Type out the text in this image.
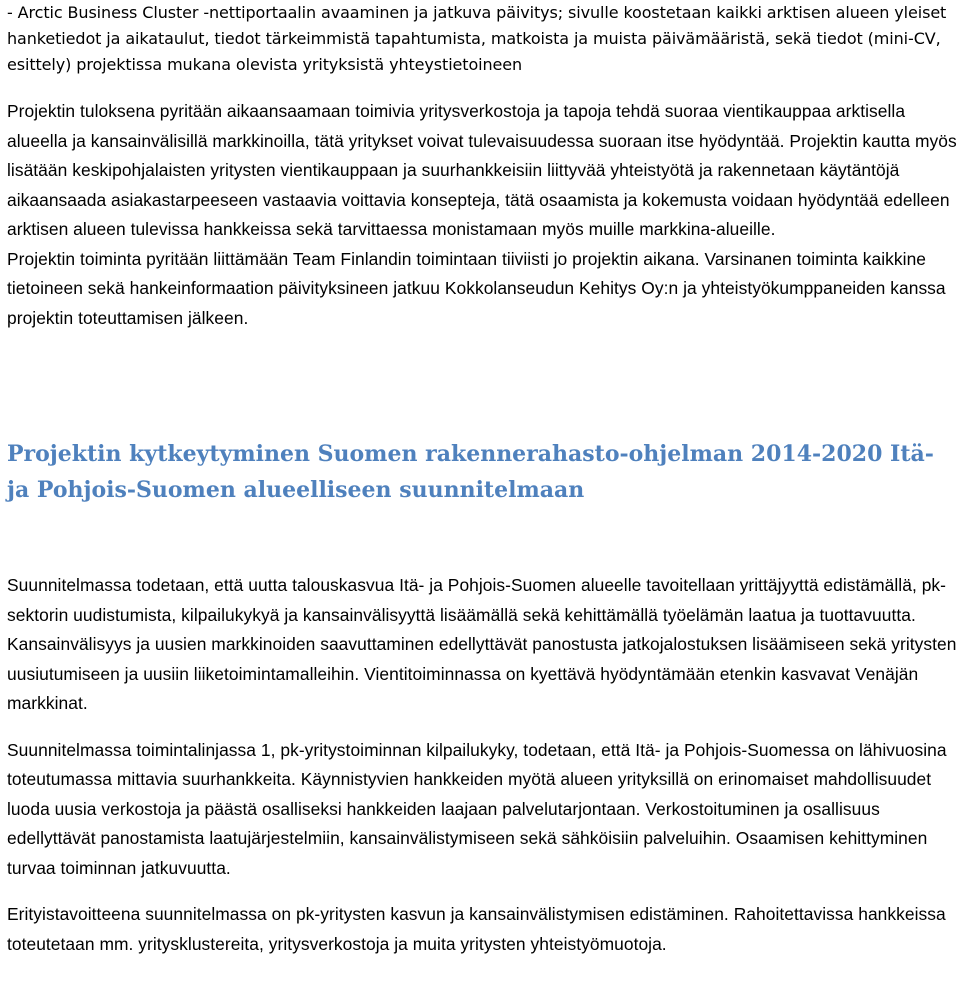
- Arctic Business Cluster -nettiportaalin avaaminen ja jatkuva päivitys; sivulle koostetaan kaikki arktisen alueen yleiset hanketiedot ja aikataulut, tiedot tärkeimmistä tapahtumista, matkoista ja muista päivämääristä, sekä tiedot (mini-CV, esittely) projektissa mukana olevista yrityksistä yhteystietoineen

Projektin tuloksena pyritään aikaansaamaan toimivia yritysverkostoja ja tapoja tehdä suoraa vientikauppaa arktisella alueella ja kansainvälisillä markkinoilla, tätä yritykset voivat tulevaisuudessa suoraan itse hyödyntää. Projektin kautta myös lisätään keskipohjalaisten yritysten vientikauppaan ja suurhankkeisiin liittyvää yhteistyötä ja rakennetaan käytäntöjä aikaansaada asiakastarpeeseen vastaavia voittavia konsepteja, tätä osaamista ja kokemusta voidaan hyödyntää edelleen arktisen alueen tulevissa hankkeissa sekä tarvittaessa monistamaan myös muille markkina-alueille.

Projektin toiminta pyritään liittämään Team Finlandin toimintaan tiiviisti jo projektin aikana. Varsinanen toiminta kaikkine tietoineen sekä hankeinformaation päivityksineen jatkuu Kokkolanseudun Kehitys Oy:n ja yhteistyökumppaneiden kanssa projektin toteuttamisen jälkeen.

Projektin kytkeytyminen Suomen rakennerahasto-ohjelman 2014-2020 Itä- ja Pohjois-Suomen alueelliseen suunnitelmaan

Suunnitelmassa todetaan, että uutta talouskasvua Itä- ja Pohjois-Suomen alueelle tavoitellaan yrittäjyyttä edistämällä, pk-sektorin uudistumista, kilpailukykyä ja kansainvälisyyttä lisäämällä sekä kehittämällä työelämän laatua ja tuottavuutta. Kansainvälisyys ja uusien markkinoiden saavuttaminen edellyttävät panostusta jatkojalostuksen lisäämiseen sekä yritysten uusiutumiseen ja uusiin liiketoimintamalleihin. Vientitoiminnassa on kyettävä hyödyntämään etenkin kasvavat Venäjän markkinat.

Suunnitelmassa toimintalinjassa 1, pk-yritystoiminnan kilpailukyky, todetaan, että Itä- ja Pohjois-Suomessa on lähivuosina toteutumassa mittavia suurhankkeita. Käynnistyvien hankkeiden myötä alueen yrityksillä on erinomaiset mahdollisuudet luoda uusia verkostoja ja päästä osalliseksi hankkeiden laajaan palvelutarjontaan. Verkostoituminen ja osallisuus edellyttävät panostamista laatujärjestelmiin, kansainvälistymiseen sekä sähköisiin palveluihin. Osaamisen kehittyminen turvaa toiminnan jatkuvuutta.

Erityistavoitteena suunnitelmassa on pk-yritysten kasvun ja kansainvälistymisen edistäminen. Rahoitettavissa hankkeissa toteutetaan mm. yritysklustereita, yritysverkostoja ja muita yritysten yhteistyömuotoja.
